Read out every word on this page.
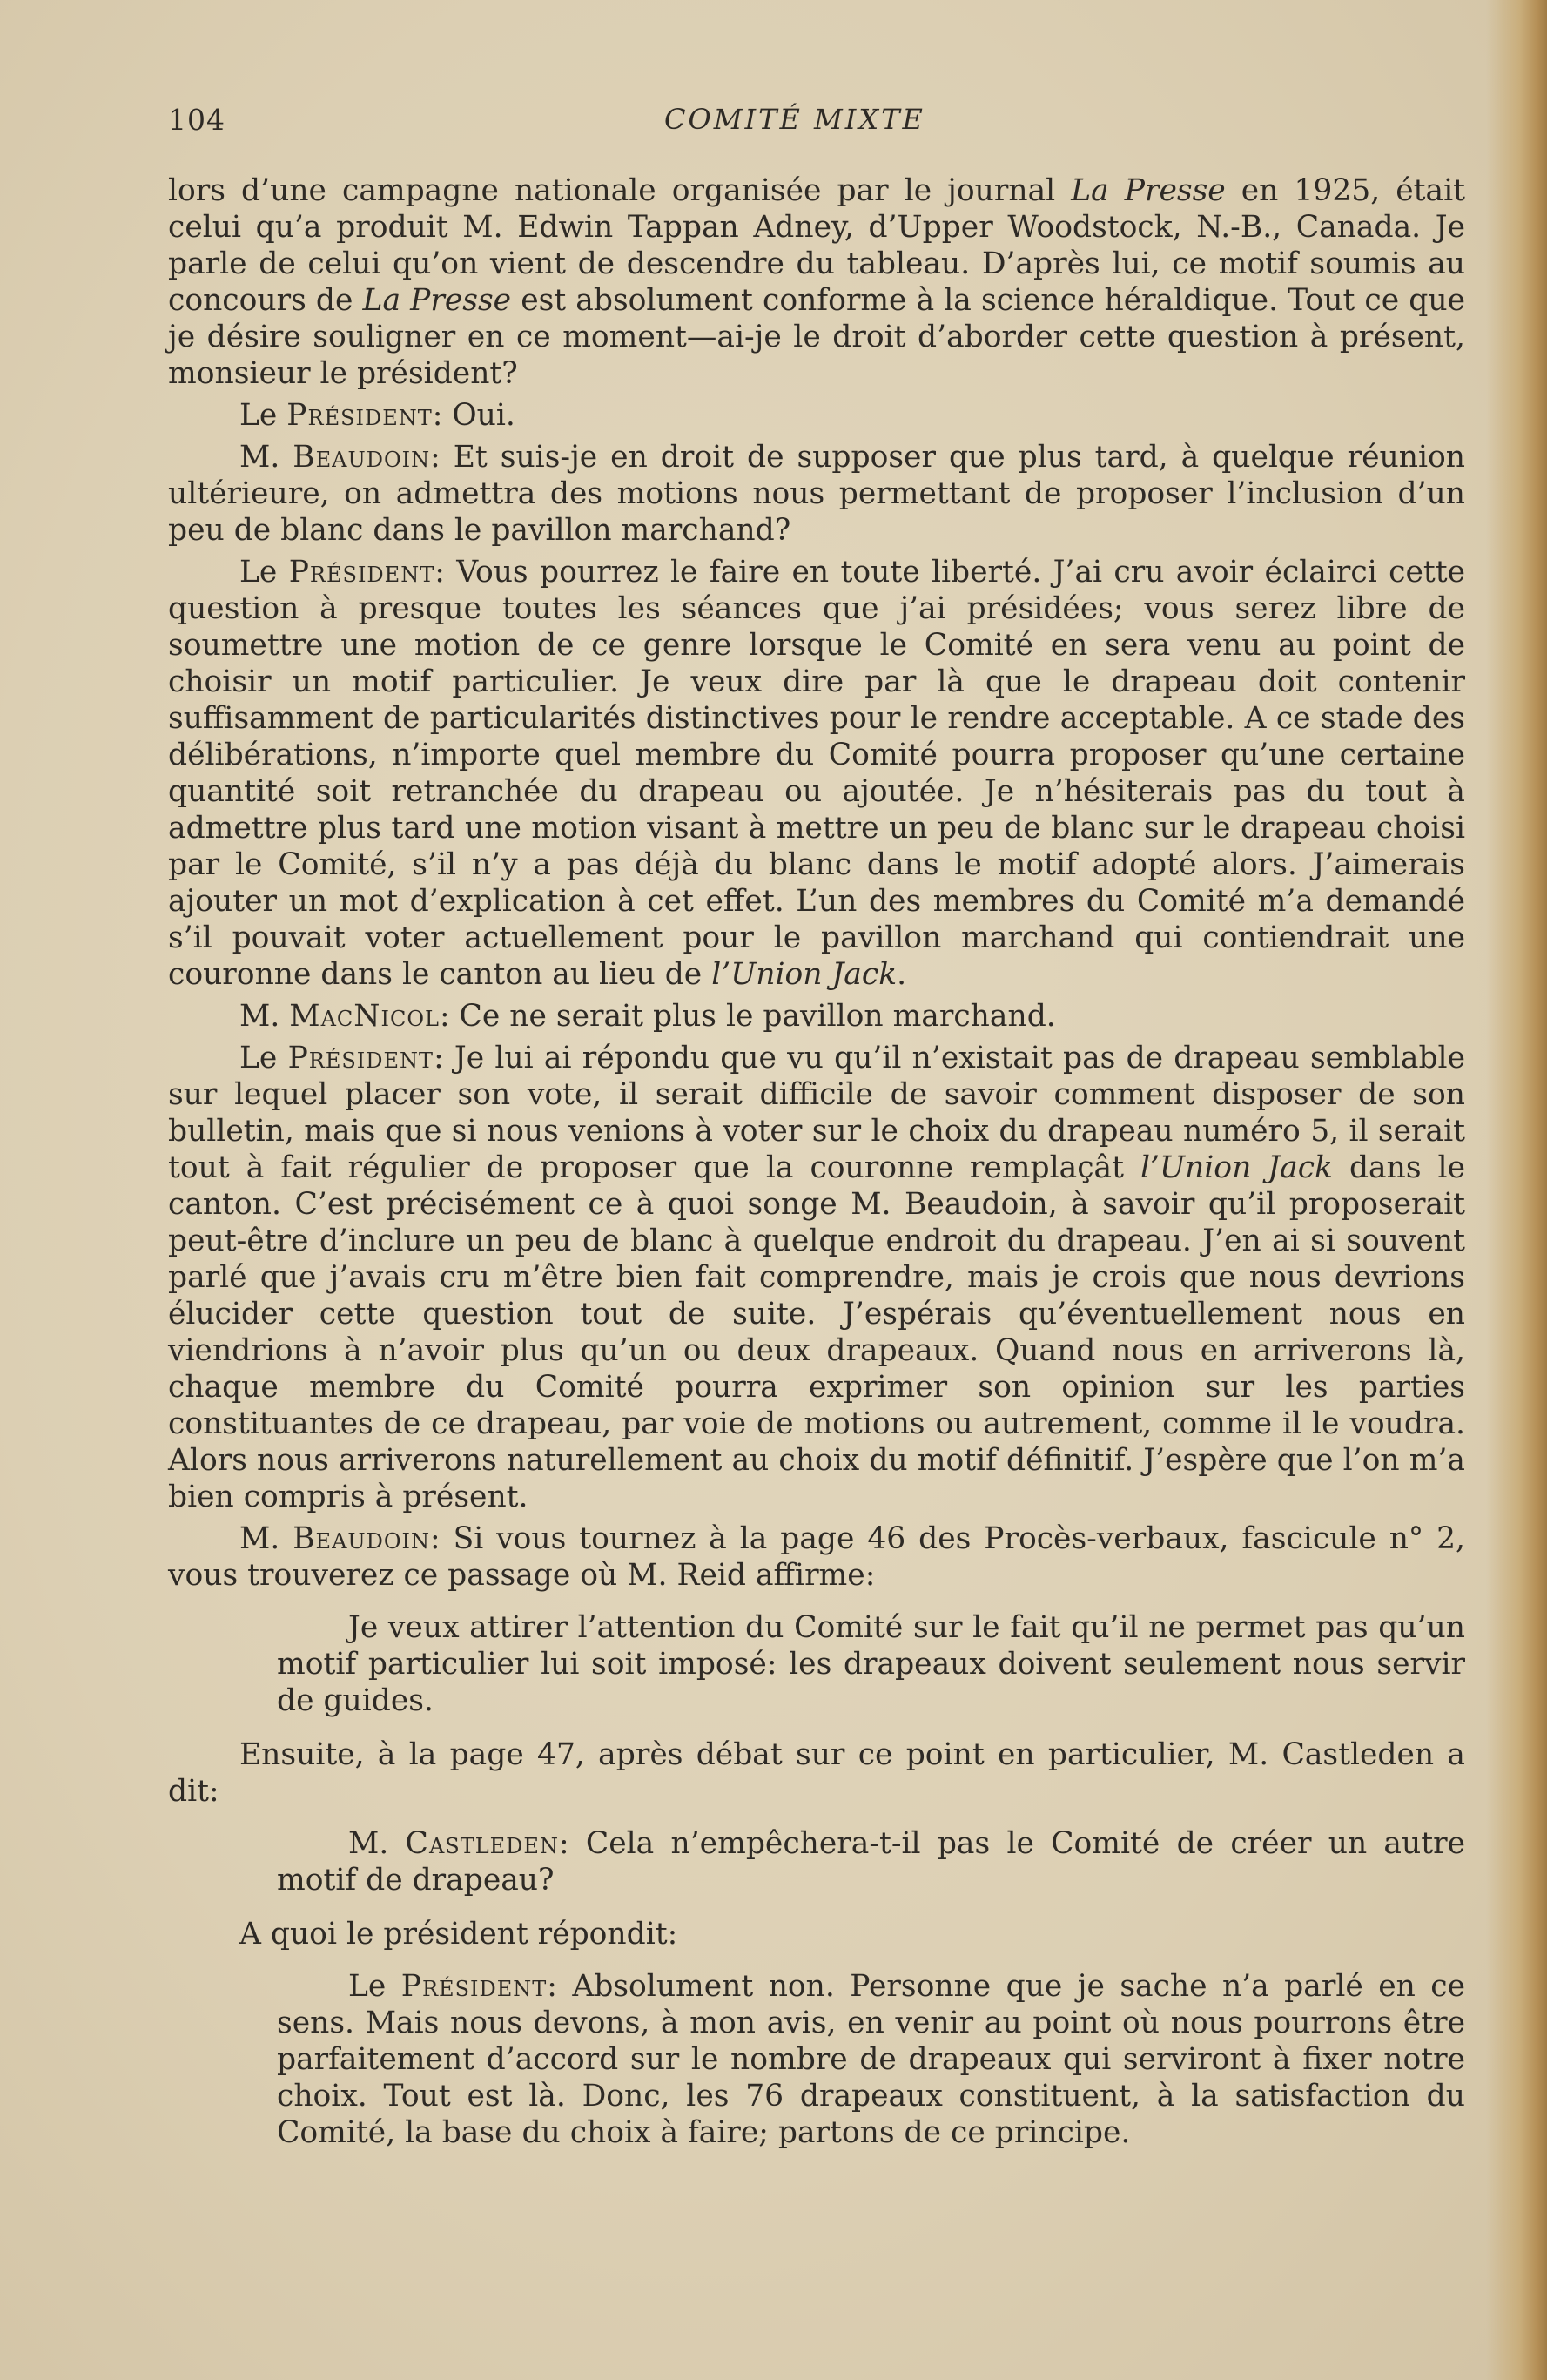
104	COMITÉ MIXTE

lors d’une campagne nationale organisée par le journal La Presse en 1925, était celui qu’a produit M. Edwin Tappan Adney, d’Upper Woodstock, N.-B., Canada. Je parle de celui qu’on vient de descendre du tableau. D’après lui, ce motif soumis au concours de La Presse est absolument conforme à la science héraldique. Tout ce que je désire souligner en ce moment—ai-je le droit d’aborder cette question à présent, monsieur le président?

Le Président: Oui.

M. Beaudoin: Et suis-je en droit de supposer que plus tard, à quelque réunion ultérieure, on admettra des motions nous permettant de proposer l’inclusion d’un peu de blanc dans le pavillon marchand?

Le Président: Vous pourrez le faire en toute liberté. J’ai cru avoir éclairci cette question à presque toutes les séances que j’ai présidées; vous serez libre de soumettre une motion de ce genre lorsque le Comité en sera venu au point de choisir un motif particulier. Je veux dire par là que le drapeau doit contenir suffisamment de particularités distinctives pour le rendre acceptable. A ce stade des délibérations, n’importe quel membre du Comité pourra proposer qu’une certaine quantité soit retranchée du drapeau ou ajoutée. Je n’hésiterais pas du tout à admettre plus tard une motion visant à mettre un peu de blanc sur le drapeau choisi par le Comité, s’il n’y a pas déjà du blanc dans le motif adopté alors. J’aimerais ajouter un mot d’explication à cet effet. L’un des membres du Comité m’a demandé s’il pouvait voter actuellement pour le pavillon marchand qui contiendrait une couronne dans le canton au lieu de l’Union Jack.

M. MacNicol: Ce ne serait plus le pavillon marchand.

Le Président: Je lui ai répondu que vu qu’il n’existait pas de drapeau semblable sur lequel placer son vote, il serait difficile de savoir comment disposer de son bulletin, mais que si nous venions à voter sur le choix du drapeau numéro 5, il serait tout à fait régulier de proposer que la couronne remplaçât l’Union Jack dans le canton. C’est précisément ce à quoi songe M. Beaudoin, à savoir qu’il proposerait peut-être d’inclure un peu de blanc à quelque endroit du drapeau. J’en ai si souvent parlé que j’avais cru m’être bien fait comprendre, mais je crois que nous devrions élucider cette question tout de suite. J’espérais qu’éventuellement nous en viendrions à n’avoir plus qu’un ou deux drapeaux. Quand nous en arriverons là, chaque membre du Comité pourra exprimer son opinion sur les parties constituantes de ce drapeau, par voie de motions ou autrement, comme il le voudra. Alors nous arriverons naturellement au choix du motif définitif. J’espère que l’on m’a bien compris à présent.

M. Beaudoin: Si vous tournez à la page 46 des Procès-verbaux, fascicule n° 2, vous trouverez ce passage où M. Reid affirme:

Je veux attirer l’attention du Comité sur le fait qu’il ne permet pas qu’un motif particulier lui soit imposé: les drapeaux doivent seulement nous servir de guides.

Ensuite, à la page 47, après débat sur ce point en particulier, M. Castleden a dit:

M. Castleden: Cela n’empêchera-t-il pas le Comité de créer un autre motif de drapeau?

A quoi le président répondit:

Le Président: Absolument non. Personne que je sache n’a parlé en ce sens. Mais nous devons, à mon avis, en venir au point où nous pourrons être parfaitement d’accord sur le nombre de drapeaux qui serviront à fixer notre choix. Tout est là. Donc, les 76 drapeaux constituent, à la satisfaction du Comité, la base du choix à faire; partons de ce principe.
